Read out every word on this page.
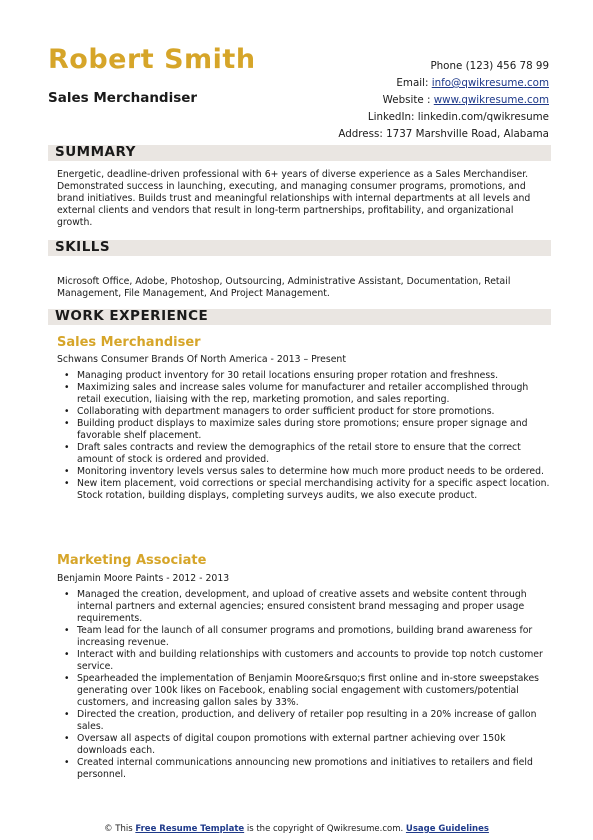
Robert Smith
Sales Merchandiser
Phone (123) 456 78 99
Email: info@qwikresume.com
Website : www.qwikresume.com
LinkedIn: linkedin.com/qwikresume
Address: 1737 Marshville Road, Alabama
SUMMARY
Energetic, deadline-driven professional with 6+ years of diverse experience as a Sales Merchandiser. Demonstrated success in launching, executing, and managing consumer programs, promotions, and brand initiatives. Builds trust and meaningful relationships with internal departments at all levels and external clients and vendors that result in long-term partnerships, profitability, and organizational growth.
SKILLS
Microsoft Office, Adobe, Photoshop, Outsourcing, Administrative Assistant, Documentation, Retail Management, File Management, And Project Management.
WORK EXPERIENCE
Sales Merchandiser
Schwans Consumer Brands Of North America - 2013 – Present
• Managing product inventory for 30 retail locations ensuring proper rotation and freshness.
• Maximizing sales and increase sales volume for manufacturer and retailer accomplished through retail execution, liaising with the rep, marketing promotion, and sales reporting.
• Collaborating with department managers to order sufficient product for store promotions.
• Building product displays to maximize sales during store promotions; ensure proper signage and favorable shelf placement.
• Draft sales contracts and review the demographics of the retail store to ensure that the correct amount of stock is ordered and provided.
• Monitoring inventory levels versus sales to determine how much more product needs to be ordered.
• New item placement, void corrections or special merchandising activity for a specific aspect location. Stock rotation, building displays, completing surveys audits, we also execute product.
Marketing Associate
Benjamin Moore Paints - 2012 - 2013
• Managed the creation, development, and upload of creative assets and website content through internal partners and external agencies; ensured consistent brand messaging and proper usage requirements.
• Team lead for the launch of all consumer programs and promotions, building brand awareness for increasing revenue.
• Interact with and building relationships with customers and accounts to provide top notch customer service.
• Spearheaded the implementation of Benjamin Moore&rsquo;s first online and in-store sweepstakes generating over 100k likes on Facebook, enabling social engagement with customers/potential customers, and increasing gallon sales by 33%.
• Directed the creation, production, and delivery of retailer pop resulting in a 20% increase of gallon sales.
• Oversaw all aspects of digital coupon promotions with external partner achieving over 150k downloads each.
• Created internal communications announcing new promotions and initiatives to retailers and field personnel.
© This Free Resume Template is the copyright of Qwikresume.com. Usage Guidelines
